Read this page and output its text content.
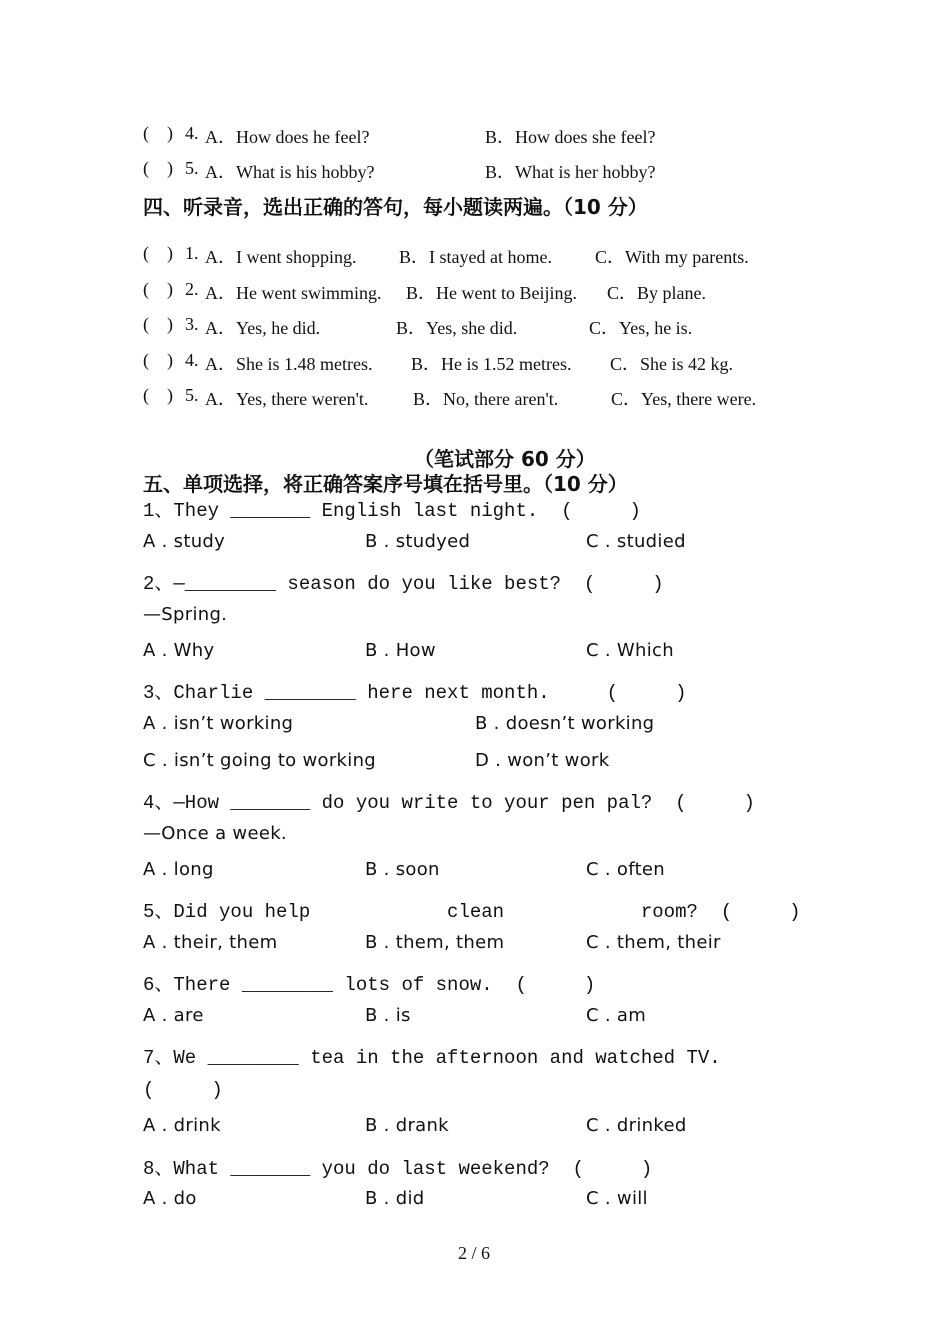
(    ) 4. A．How does he feel?	B．How does she feel?
(    ) 5. A．What is his hobby?	B．What is her hobby?
四、听录音，选出正确的答句，每小题读两遍。（10 分）
(    ) 1. A．I went shopping. B．I stayed at home. C．With my parents.
(    ) 2. A．He went swimming. B．He went to Beijing. C．By plane.
(    ) 3. A．Yes, he did.	B．Yes, she did.	C．Yes, he is.
(    ) 4. A．She is 1.48 metres. B．He is 1.52 metres. C．She is 42 kg.
(    ) 5. A．Yes, there weren't. B．No, there aren't.	C．Yes, there were.
（笔试部分 60 分）
五、单项选择，将正确答案序号填在括号里。（10 分）
1、They _______ English last night.  (     )
A . study	B . studyed	C . studied
2、—________ season do you like best?  (     )
—Spring.
A . Why	B . How	C . Which
3、Charlie ________ here next month.     (     )
A . isn’t working	B . doesn’t working
C . isn’t going to working	D . won’t work
4、—How _______ do you write to your pen pal?  (     )
—Once a week.
A . long	B . soon	C . often
5、Did you help            clean            room?  (     )
A . their, them	B . them, them	C . them, their
6、There ________ lots of snow.  (     )
A . are	B . is	C . am
7、We ________ tea in the afternoon and watched TV.
(     )
A . drink	B . drank	C . drinked
8、What _______ you do last weekend?  (     )
A . do	B . did	C . will
2 / 6
